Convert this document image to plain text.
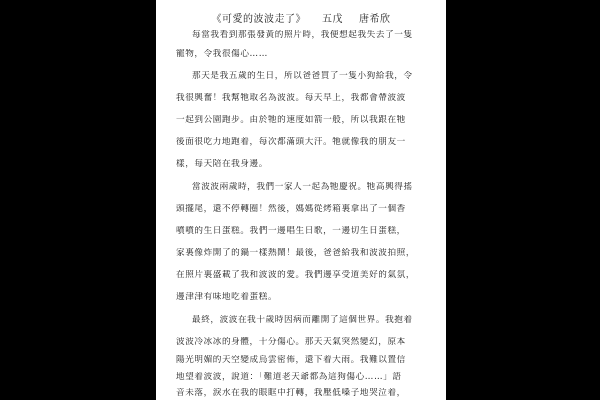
《可愛的波波走了》 五戊 唐希欣
每當我看到那張發黃的照片時，我便想起我失去了一隻
寵物，令我很傷心……
那天是我五歲的生日，所以爸爸買了一隻小狗給我，令
我很興奮！我幫牠取名為波波。每天早上，我都會帶波波
一起到公園跑步。由於牠的速度如箭一般，所以我跟在牠
後面很吃力地跑着，每次都滿頭大汗。牠就像我的朋友一
樣，每天陪在我身邊。
當波波兩歲時，我們一家人一起為牠慶祝。牠高興得搖
頭擺尾，還不停轉圈！然後，媽媽從烤箱裏拿出了一個香
噴噴的生日蛋糕。我們一邊唱生日歌，一邊切生日蛋糕，
家裏像炸開了的鍋一樣熱鬧！最後，爸爸給我和波波拍照，
在照片裏盛載了我和波波的愛。我們邊享受道美好的氣氛，
邊津津有味地吃着蛋糕。
最終，波波在我十歲時因病而離開了這個世界。我抱着
波波冷冰冰的身體，十分傷心。那天天氣突然變幻，原本
陽光明媚的天空變成烏雲密佈，還下着大雨。我難以置信
地望着波波，說道：「難道老天爺都為這狗傷心……」語
音未落，淚水在我的眼眶中打轉，我壓低嗓子地哭泣着，
